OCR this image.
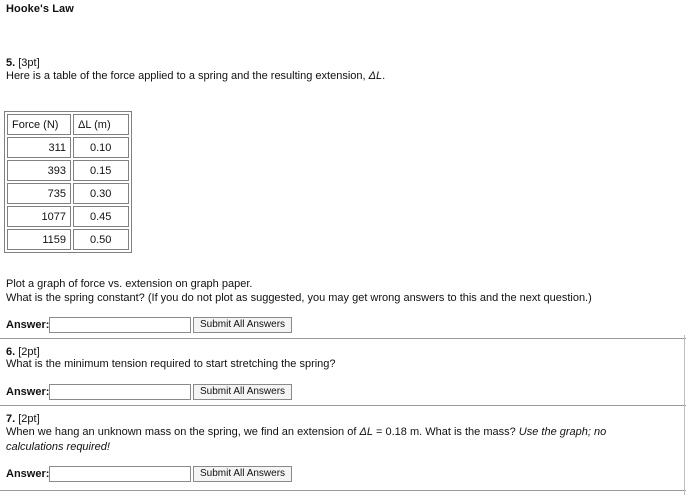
Hooke's Law
5. [3pt]
Here is a table of the force applied to a spring and the resulting extension, ΔL.
Force (N)	ΔL (m)
311	0.10
393	0.15
735	0.30
1077	0.45
1159	0.50
Plot a graph of force vs. extension on graph paper.
What is the spring constant? (If you do not plot as suggested, you may get wrong answers to this and the next question.)
Answer:	Submit All Answers
6. [2pt]
What is the minimum tension required to start stretching the spring?
Answer:	Submit All Answers
7. [2pt]
When we hang an unknown mass on the spring, we find an extension of ΔL = 0.18 m. What is the mass? Use the graph; no calculations required!
Answer:	Submit All Answers
